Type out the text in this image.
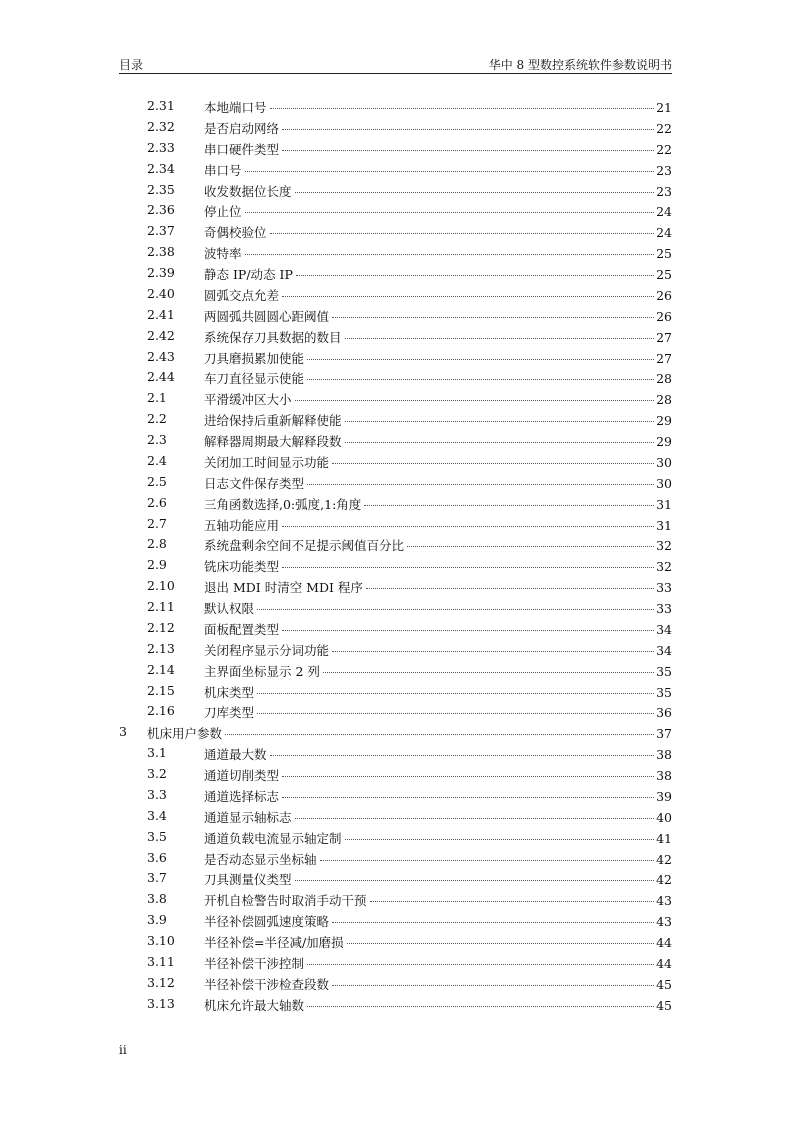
目录	华中 8 型数控系统软件参数说明书
2.31 本地端口号	21
2.32 是否启动网络	22
2.33 串口硬件类型	22
2.34 串口号	23
2.35 收发数据位长度	23
2.36 停止位	24
2.37 奇偶校验位	24
2.38 波特率	25
2.39 静态 IP/动态 IP	25
2.40 圆弧交点允差	26
2.41 两圆弧共圆圆心距阈值	26
2.42 系统保存刀具数据的数目	27
2.43 刀具磨损累加使能	27
2.44 车刀直径显示使能	28
2.1	平滑缓冲区大小	28
2.2	进给保持后重新解释使能	29
2.3	解释器周期最大解释段数	29
2.4	关闭加工时间显示功能	30
2.5	日志文件保存类型	30
2.6	三角函数选择,0:弧度,1:角度	31
2.7	五轴功能应用	31
2.8	系统盘剩余空间不足提示阈值百分比	32
2.9	铣床功能类型	32
2.10 退出 MDI 时清空 MDI 程序	33
2.11 默认权限	33
2.12 面板配置类型	34
2.13 关闭程序显示分词功能	34
2.14 主界面坐标显示 2 列	35
2.15 机床类型	35
2.16 刀库类型	36
3 机床用户参数	37
3.1	通道最大数	38
3.2	通道切削类型	38
3.3	通道选择标志	39
3.4	通道显示轴标志	40
3.5	通道负载电流显示轴定制	41
3.6	是否动态显示坐标轴	42
3.7	刀具测量仪类型	42
3.8	开机自检警告时取消手动干预	43
3.9	半径补偿圆弧速度策略	43
3.10 半径补偿=半径减/加磨损	44
3.11 半径补偿干涉控制	44
3.12 半径补偿干涉检查段数	45
3.13 机床允许最大轴数	45
ii
